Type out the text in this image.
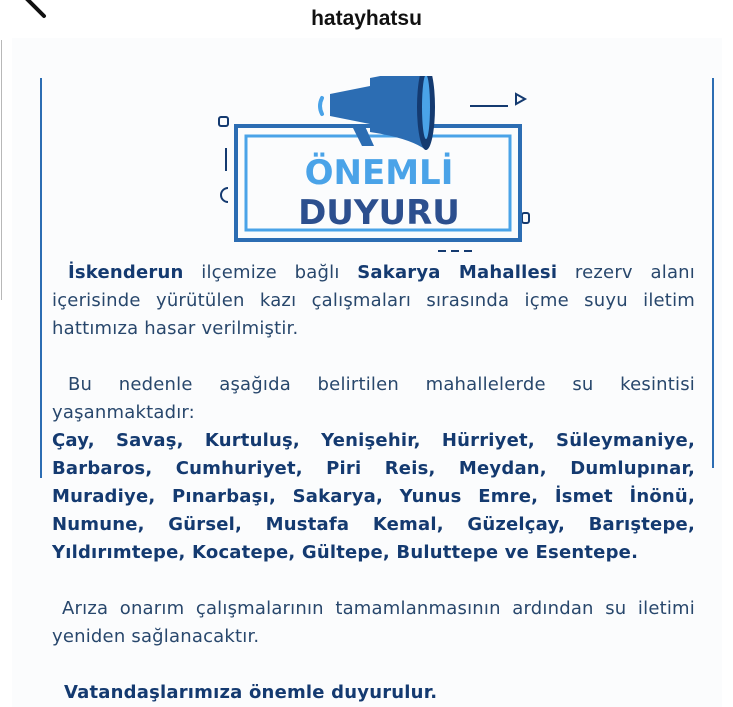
hatayhatsu
ÖNEMLİ
DUYURU
İskenderun ilçemize bağlı Sakarya Mahallesi rezerv alanı içerisinde yürütülen kazı çalışmaları sırasında içme suyu iletim hattımıza hasar verilmiştir.
Bu nedenle aşağıda belirtilen mahallelerde su kesintisi yaşanmaktadır:
Çay, Savaş, Kurtuluş, Yenişehir, Hürriyet, Süleymaniye, Barbaros, Cumhuriyet, Piri Reis, Meydan, Dumlupınar, Muradiye, Pınarbaşı, Sakarya, Yunus Emre, İsmet İnönü, Numune, Gürsel, Mustafa Kemal, Güzelçay, Barıştepe, Yıldırımtepe, Kocatepe, Gültepe, Buluttepe ve Esentepe.
Arıza onarım çalışmalarının tamamlanmasının ardından su iletimi yeniden sağlanacaktır.
Vatandaşlarımıza önemle duyurulur.
